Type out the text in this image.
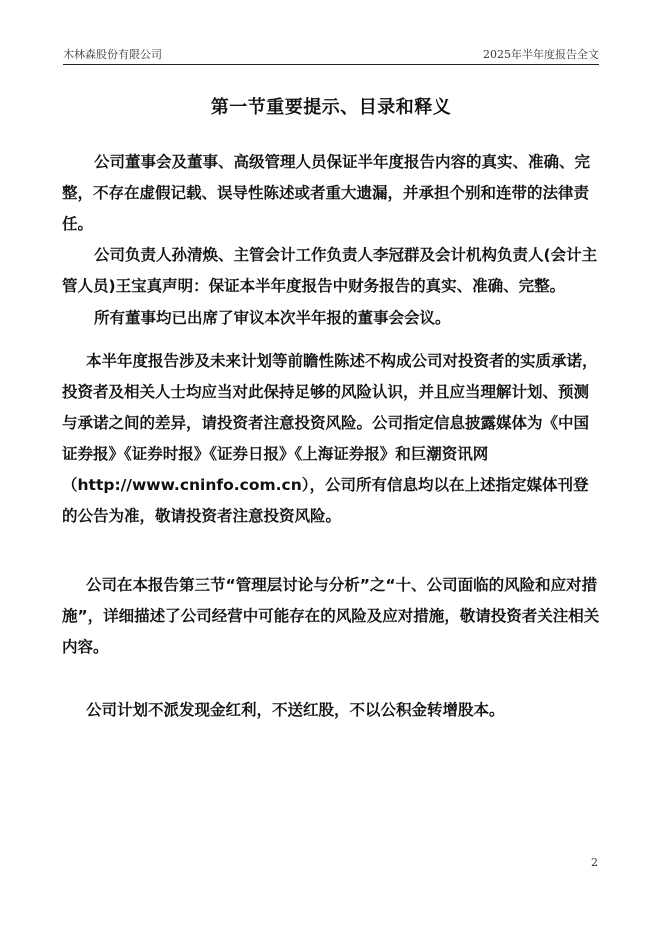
木林森股份有限公司	2025年半年度报告全文
第一节重要提示、目录和释义

公司董事会及董事、高级管理人员保证半年度报告内容的真实、准确、完整，不存在虚假记载、误导性陈述或者重大遗漏，并承担个别和连带的法律责任。

公司负责人孙清焕、主管会计工作负责人李冠群及会计机构负责人(会计主管人员)王宝真声明：保证本半年度报告中财务报告的真实、准确、完整。

所有董事均已出席了审议本次半年报的董事会会议。

本半年度报告涉及未来计划等前瞻性陈述不构成公司对投资者的实质承诺，投资者及相关人士均应当对此保持足够的风险认识，并且应当理解计划、预测与承诺之间的差异，请投资者注意投资风险。公司指定信息披露媒体为《中国证券报》《证券时报》《证券日报》《上海证券报》和巨潮资讯网（http://www.cninfo.com.cn），公司所有信息均以在上述指定媒体刊登的公告为准，敬请投资者注意投资风险。

公司在本报告第三节“管理层讨论与分析”之“十、公司面临的风险和应对措施”，详细描述了公司经营中可能存在的风险及应对措施，敬请投资者关注相关内容。

公司计划不派发现金红利，不送红股，不以公积金转增股本。

2
